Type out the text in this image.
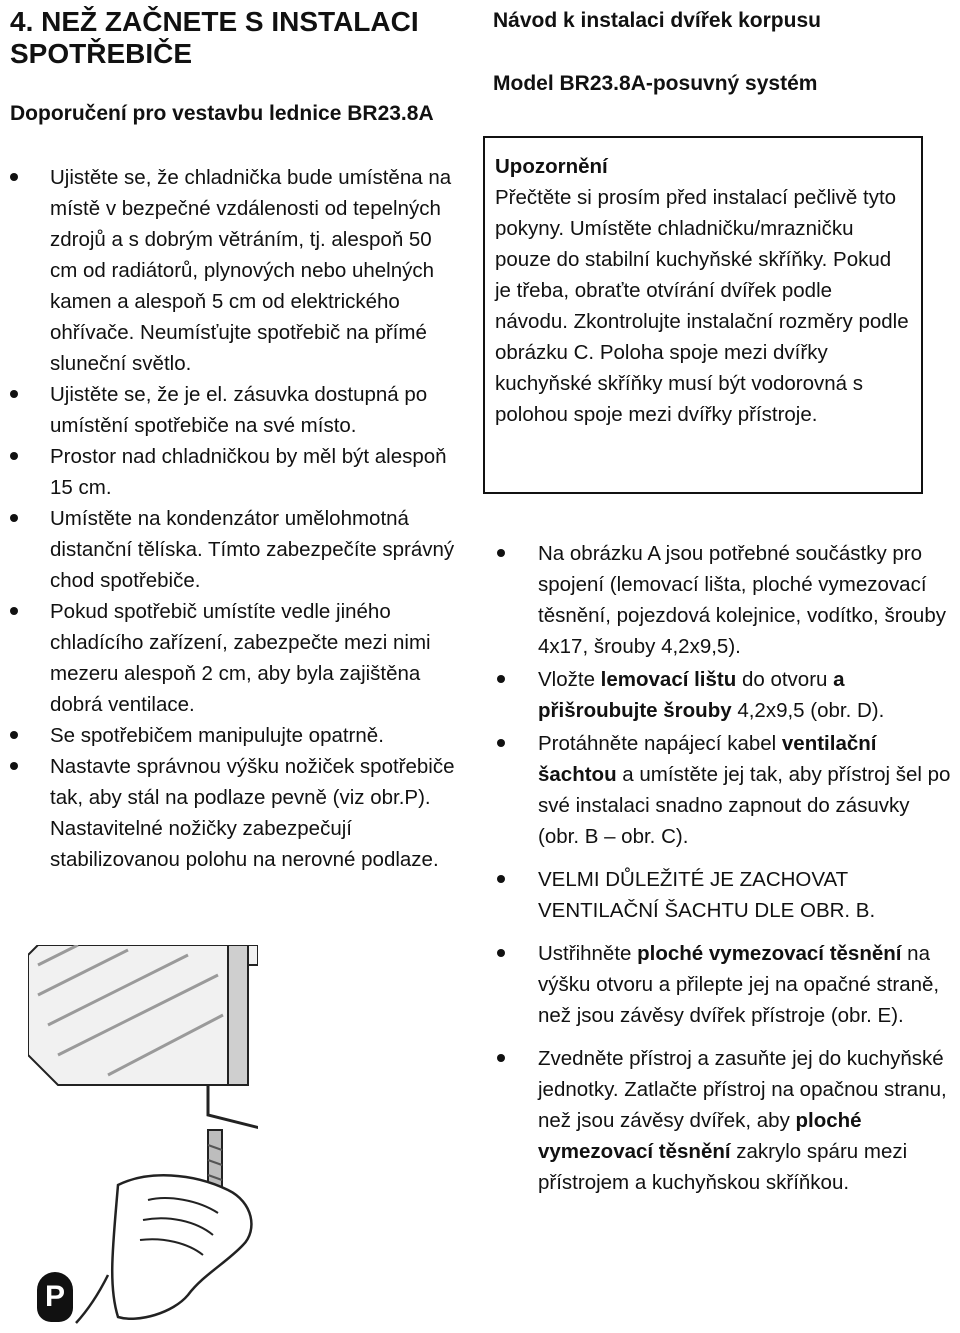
4. NEŽ ZAČNETE S INSTALACI SPOTŘEBIČE
Doporučení pro vestavbu lednice BR23.8A
Ujistěte se, že chladnička bude umístěna na místě v bezpečné vzdálenosti od tepelných zdrojů a s dobrým větráním, tj. alespoň 50 cm od radiátorů, plynových nebo uhelných kamen a alespoň 5 cm od elektrického ohřívače. Neumísťujte spotřebič na přímé sluneční světlo.
Ujistěte se, že je el. zásuvka dostupná po umístění spotřebiče na své místo.
Prostor nad chladničkou by měl být alespoň 15 cm.
Umístěte na kondenzátor umělohmotná distanční tělíska. Tímto zabezpečíte správný chod spotřebiče.
Pokud spotřebič umístíte vedle jiného chladícího zařízení, zabezpečte mezi nimi mezeru alespoň 2 cm, aby byla zajištěna dobrá ventilace.
Se spotřebičem manipulujte opatrně.
Nastavte správnou výšku nožiček spotřebiče tak, aby stál na podlaze pevně (viz obr.P). Nastavitelné nožičky zabezpečují stabilizovanou polohu na nerovné podlaze.
P
Návod k instalaci dvířek korpusu
Model BR23.8A-posuvný systém
Upozornění

Přečtěte si prosím před instalací pečlivě tyto pokyny. Umístěte chladničku/mrazničku pouze do stabilní kuchyňské skříňky. Pokud je třeba, obraťte otvírání dvířek podle návodu. Zkontrolujte instalační rozměry podle obrázku C. Poloha spoje mezi dvířky kuchyňské skříňky musí být vodorovná s polohou spoje mezi dvířky přístroje.

Na obrázku A jsou potřebné součástky pro spojení (lemovací lišta, ploché vymezovací těsnění, pojezdová kolejnice, vodítko, šrouby 4x17, šrouby 4,2x9,5).
Vložte lemovací lištu do otvoru a přišroubujte šrouby 4,2x9,5 (obr. D).
Protáhněte napájecí kabel ventilační šachtou a umístěte jej tak, aby přístroj šel po své instalaci snadno zapnout do zásuvky (obr. B – obr. C).
VELMI DŮLEŽITÉ JE ZACHOVAT VENTILAČNÍ ŠACHTU DLE OBR. B.
Ustřihněte ploché vymezovací těsnění na výšku otvoru a přilepte jej na opačné straně, než jsou závěsy dvířek přístroje (obr. E).
Zvedněte přístroj a zasuňte jej do kuchyňské jednotky. Zatlačte přístroj na opačnou stranu, než jsou závěsy dvířek, aby ploché vymezovací těsnění zakrylo spáru mezi přístrojem a kuchyňskou skříňkou.
